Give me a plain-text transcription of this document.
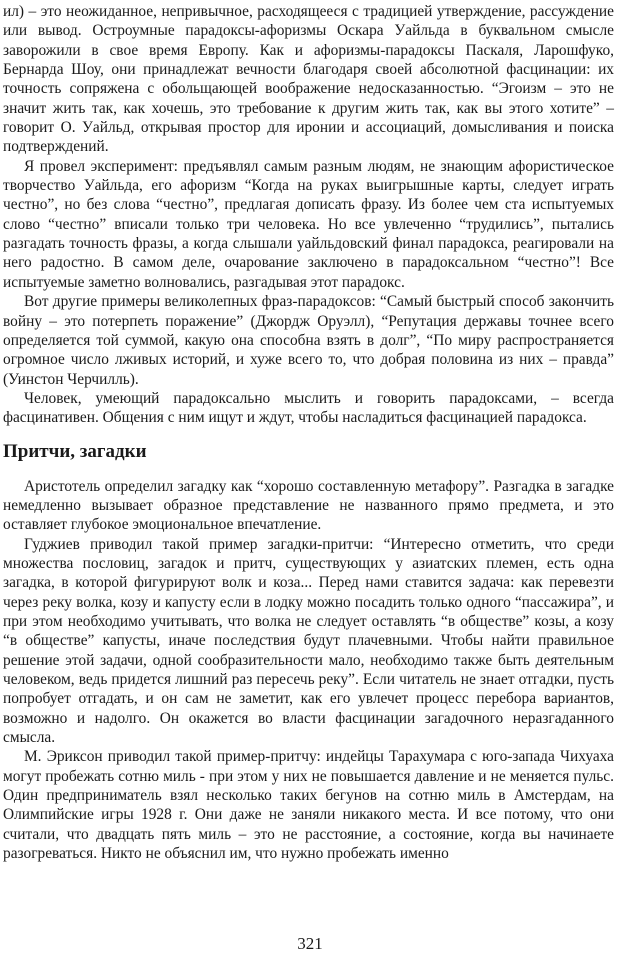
ил) – это неожиданное, непривычное, расходящееся с традицией утверждение, рассуждение или вывод. Остроумные парадоксы-афоризмы Оскара Уайльда в буквальном смысле заворожили в свое время Европу. Как и афоризмы-парадоксы Паскаля, Ларошфуко, Бернарда Шоу, они принадлежат вечности благодаря своей абсолютной фасцинации: их точность сопряжена с обольщающей воображение недосказанностью. “Эгоизм – это не значит жить так, как хочешь, это требование к другим жить так, как вы этого хотите” – говорит О. Уайльд, открывая простор для иронии и ассоциаций, домысливания и поиска подтверждений.

Я провел эксперимент: предъявлял самым разным людям, не знающим афористическое творчество Уайльда, его афоризм “Когда на руках выигрышные карты, следует играть честно”, но без слова “честно”, предлагая дописать фразу. Из более чем ста испытуемых слово “честно” вписали только три человека. Но все увлеченно “трудились”, пытались разгадать точность фразы, а когда слышали уайльдовский финал парадокса, реагировали на него радостно. В самом деле, очарование заключено в парадоксальном “честно”! Все испытуемые заметно волновались, разгадывая этот парадокс.

Вот другие примеры великолепных фраз-парадоксов: “Самый быстрый способ закончить войну – это потерпеть поражение” (Джордж Оруэлл), “Репутация державы точнее всего определяется той суммой, какую она способна взять в долг”, “По миру распространяется огромное число лживых историй, и хуже всего то, что добрая половина из них – правда” (Уинстон Черчилль).

Человек, умеющий парадоксально мыслить и говорить парадоксами, – всегда фасцинативен. Общения с ним ищут и ждут, чтобы насладиться фасцинацией парадокса.

Притчи, загадки

Аристотель определил загадку как “хорошо составленную метафору”. Разгадка в загадке немедленно вызывает образное представление не названного прямо предмета, и это оставляет глубокое эмоциональное впечатление.

Гуджиев приводил такой пример загадки-притчи: “Интересно отметить, что среди множества пословиц, загадок и притч, существующих у азиатских племен, есть одна загадка, в которой фигурируют волк и коза... Перед нами ставится задача: как перевезти через реку волка, козу и капусту если в лодку можно посадить только одного “пассажира”, и при этом необходимо учитывать, что волка не следует оставлять “в обществе” козы, а козу “в обществе” капусты, иначе последствия будут плачевными. Чтобы найти правильное решение этой задачи, одной сообразительности мало, необходимо также быть деятельным человеком, ведь придется лишний раз пересечь реку”. Если читатель не знает отгадки, пусть попробует отгадать, и он сам не заметит, как его увлечет процесс перебора вариантов, возможно и надолго. Он окажется во власти фасцинации загадочного неразгаданного смысла.

М. Эриксон приводил такой пример-притчу: индейцы Тарахумара с юго-запада Чихуаха могут пробежать сотню миль - при этом у них не повышается давление и не меняется пульс. Один предприниматель взял несколько таких бегунов на сотню миль в Амстердам, на Олимпийские игры 1928 г. Они даже не заняли никакого места. И все потому, что они считали, что двадцать пять миль – это не расстояние, а состояние, когда вы начинаете разогреваться. Никто не объяснил им, что нужно пробежать именно

321
